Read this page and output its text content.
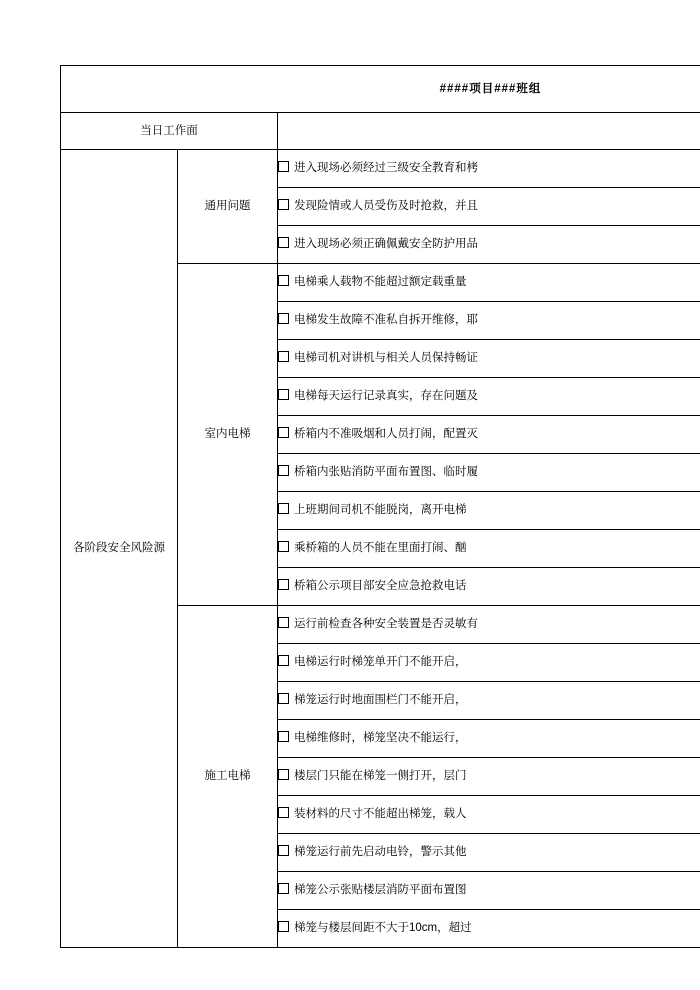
####项目###班组		

当日工作面		
各阶段安全风险源	通用问题	进入现场必须经过三级安全教育和栲
		发现险情或人员受伤及时抢救，并且
		进入现场必须正确佩戴安全防护用品
	室内电梯	电梯乘人载物不能超过额定载重量
		电梯发生故障不准私自拆开维修，耶
		电梯司机对讲机与相关人员保持畅证
		电梯每天运行记录真实，存在问题及
		桥箱内不准吸烟和人员打闹，配置灭
		桥箱内张贴消防平面布置图、临时履
		上班期间司机不能脱岗，离开电梯
		乘桥箱的人员不能在里面打闹、酗
		桥箱公示项目部安全应急抢救电话
	施工电梯	运行前检查各种安全装置是否灵敏有
		电梯运行时梯笼单开门不能开启，
		梯笼运行时地面围栏门不能开启，
		电梯维修时，梯笼坚决不能运行，
		楼层门只能在梯笼一侧打开，层门
		装材料的尺寸不能超出梯笼，载人
		梯笼运行前先启动电铃，警示其他
		梯笼公示张贴楼层消防平面布置图
		梯笼与楼层间距不大于10cm，超过
